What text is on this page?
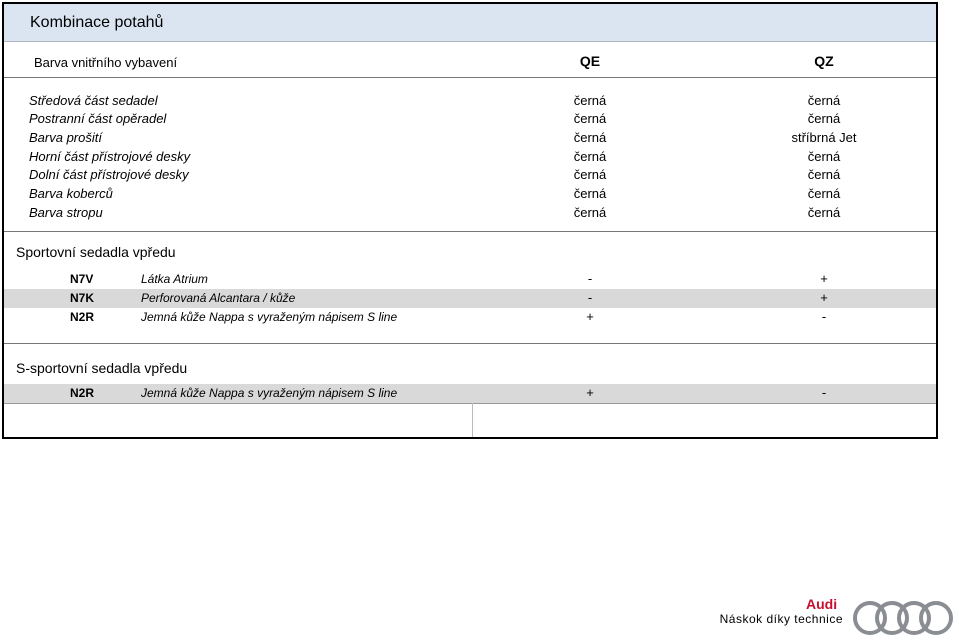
Kombinace potahů
Barva vnitřního vybavení	QE	QZ
Středová část sedadel	černá	černá
Postranní část opěradel	černá	černá
Barva prošití	černá	stříbrná Jet
Horní část přístrojové desky	černá	černá
Dolní část přístrojové desky	černá	černá
Barva koberců	černá	černá
Barva stropu	černá	černá
Sportovní sedadla vpředu
N7V	Látka Atrium	-	+
N7K	Perforovaná Alcantara / kůže	-	+
N2R	Jemná kůže Nappa s vyraženým nápisem S line	+	-
S-sportovní sedadla vpředu
N2R	Jemná kůže Nappa s vyraženým nápisem S line	+	-
Audi
Náskok díky technice
